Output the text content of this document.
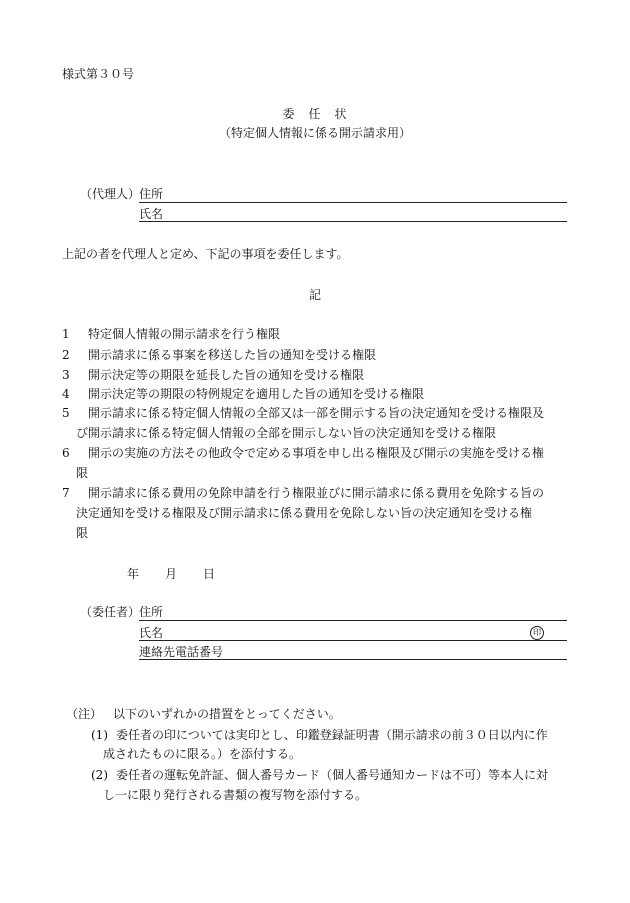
様式第３０号
委　任　状
（特定個人情報に係る開示請求用）
（代理人）
住所
氏名
上記の者を代理人と定め、下記の事項を委任します。
記
1 特定個人情報の開示請求を行う権限
2 開示請求に係る事案を移送した旨の通知を受ける権限
3 開示決定等の期限を延長した旨の通知を受ける権限
4 開示決定等の期限の特例規定を適用した旨の通知を受ける権限
5 開示請求に係る特定個人情報の全部又は一部を開示する旨の決定通知を受ける権限及
び開示請求に係る特定個人情報の全部を開示しない旨の決定通知を受ける権限
6 開示の実施の方法その他政令で定める事項を申し出る権限及び開示の実施を受ける権
限
7 開示請求に係る費用の免除申請を行う権限並びに開示請求に係る費用を免除する旨の
決定通知を受ける権限及び開示請求に係る費用を免除しない旨の決定通知を受ける権
限
年 月 日
（委任者）
住所
氏名	印
連絡先電話番号
（注） 以下のいずれかの措置をとってください。
(1) 委任者の印については実印とし、印鑑登録証明書（開示請求の前３０日以内に作
成されたものに限る。）を添付する。
(2) 委任者の運転免許証、個人番号カード（個人番号通知カードは不可）等本人に対
し一に限り発行される書類の複写物を添付する。
